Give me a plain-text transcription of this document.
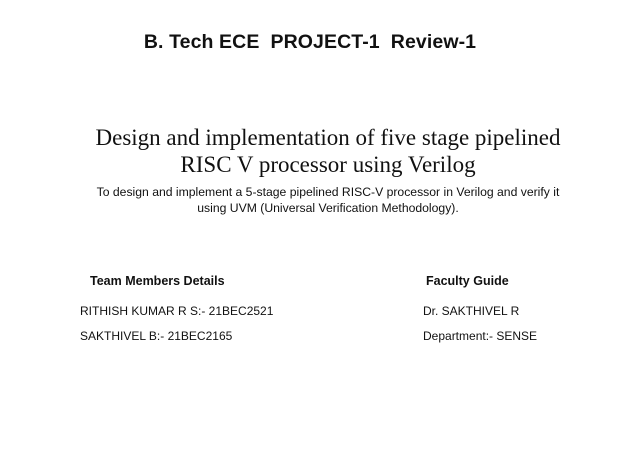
B. Tech ECE  PROJECT-1  Review-1
Design and implementation of five stage pipelined
RISC V processor using Verilog
To design and implement a 5-stage pipelined RISC-V processor in Verilog and verify it
using UVM (Universal Verification Methodology).
Team Members Details	Faculty Guide
RITHISH KUMAR R S:- 21BEC2521
SAKTHIVEL B:- 21BEC2165
Dr. SAKTHIVEL R
Department:- SENSE
